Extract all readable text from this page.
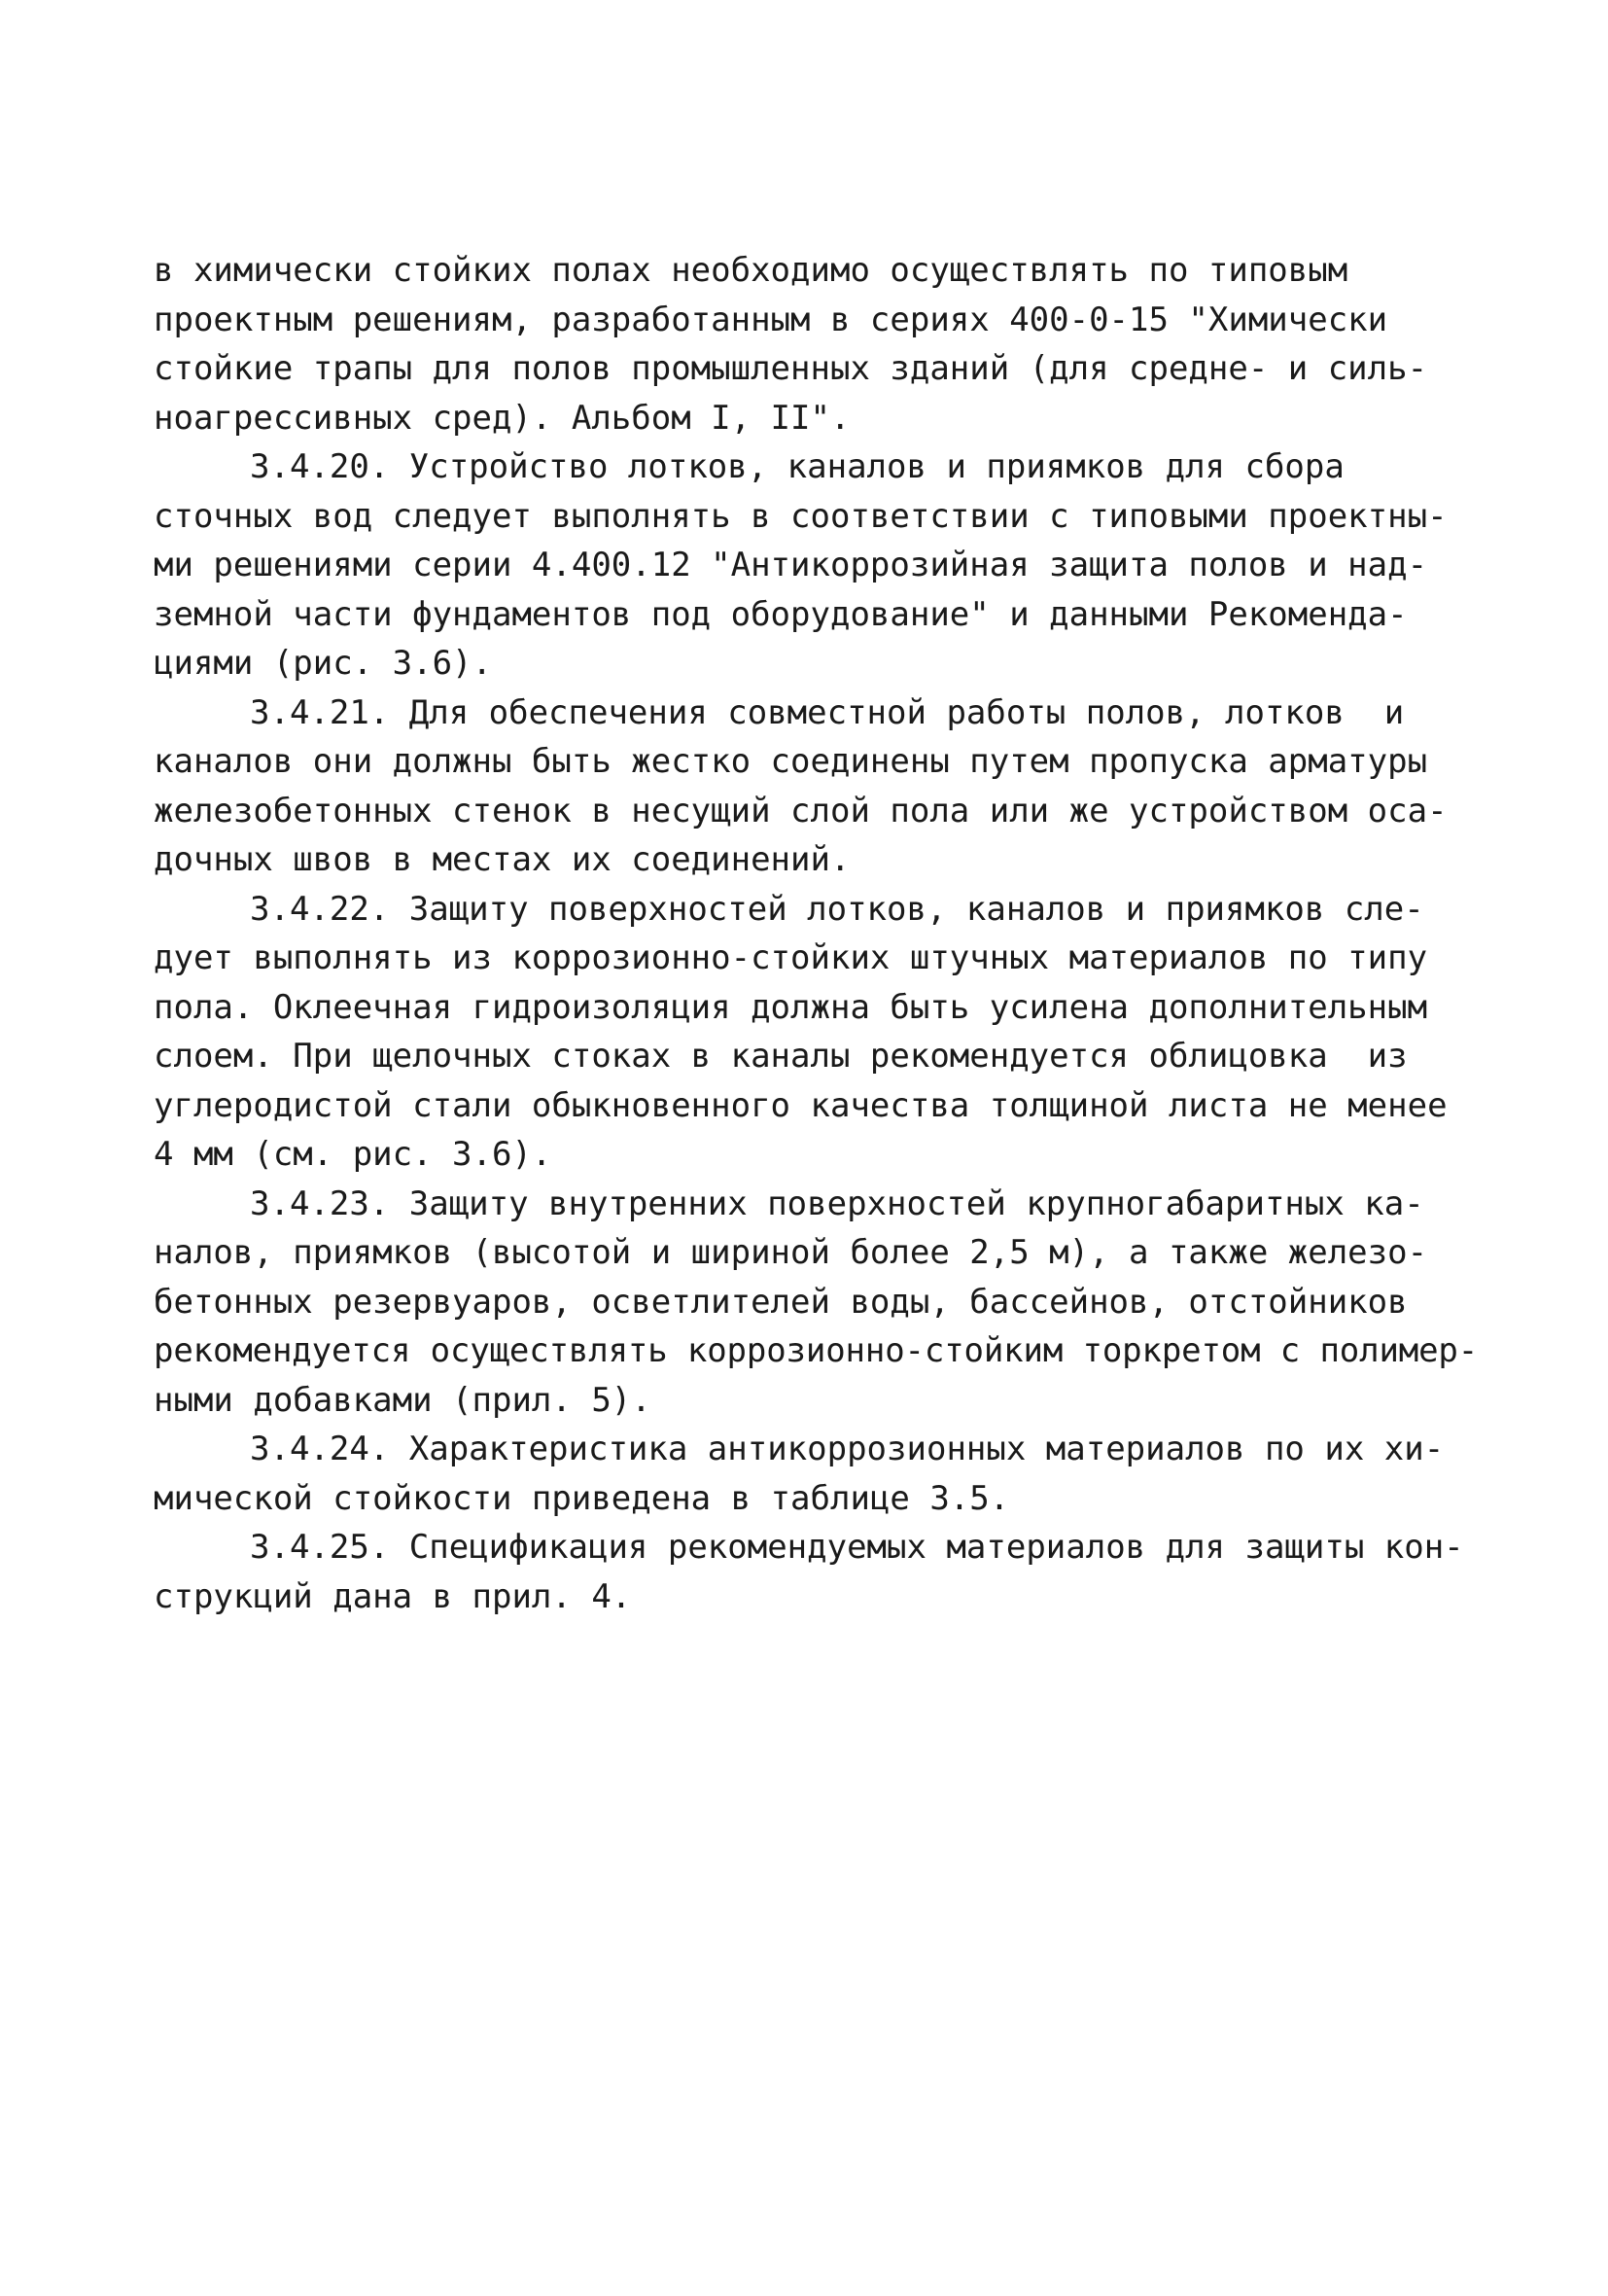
в химически стойких полах необходимо осуществлять по типовым
проектным решениям, разработанным в сериях 400-0-15 "Химически
стойкие трапы для полов промышленных зданий (для средне- и силь-
ноагрессивных сред). Альбом I, II".
3.4.20. Устройство лотков, каналов и приямков для сбора
сточных вод следует выполнять в соответствии с типовыми проектны-
ми решениями серии 4.400.12 "Антикоррозийная защита полов и над-
земной части фундаментов под оборудование" и данными Рекоменда-
циями (рис. 3.6).
3.4.21. Для обеспечения совместной работы полов, лотков  и
каналов они должны быть жестко соединены путем пропуска арматуры
железобетонных стенок в несущий слой пола или же устройством оса-
дочных швов в местах их соединений.
3.4.22. Защиту поверхностей лотков, каналов и приямков сле-
дует выполнять из коррозионно-стойких штучных материалов по типу
пола. Оклеечная гидроизоляция должна быть усилена дополнительным
слоем. При щелочных стоках в каналы рекомендуется облицовка  из
углеродистой стали обыкновенного качества толщиной листа не менее
4 мм (см. рис. 3.6).
3.4.23. Защиту внутренних поверхностей крупногабаритных ка-
налов, приямков (высотой и шириной более 2,5 м), а также железо-
бетонных резервуаров, осветлителей воды, бассейнов, отстойников
рекомендуется осуществлять коррозионно-стойким торкретом с полимер-
ными добавками (прил. 5).
3.4.24. Характеристика антикоррозионных материалов по их хи-
мической стойкости приведена в таблице 3.5.
3.4.25. Спецификация рекомендуемых материалов для защиты кон-
струкций дана в прил. 4.
